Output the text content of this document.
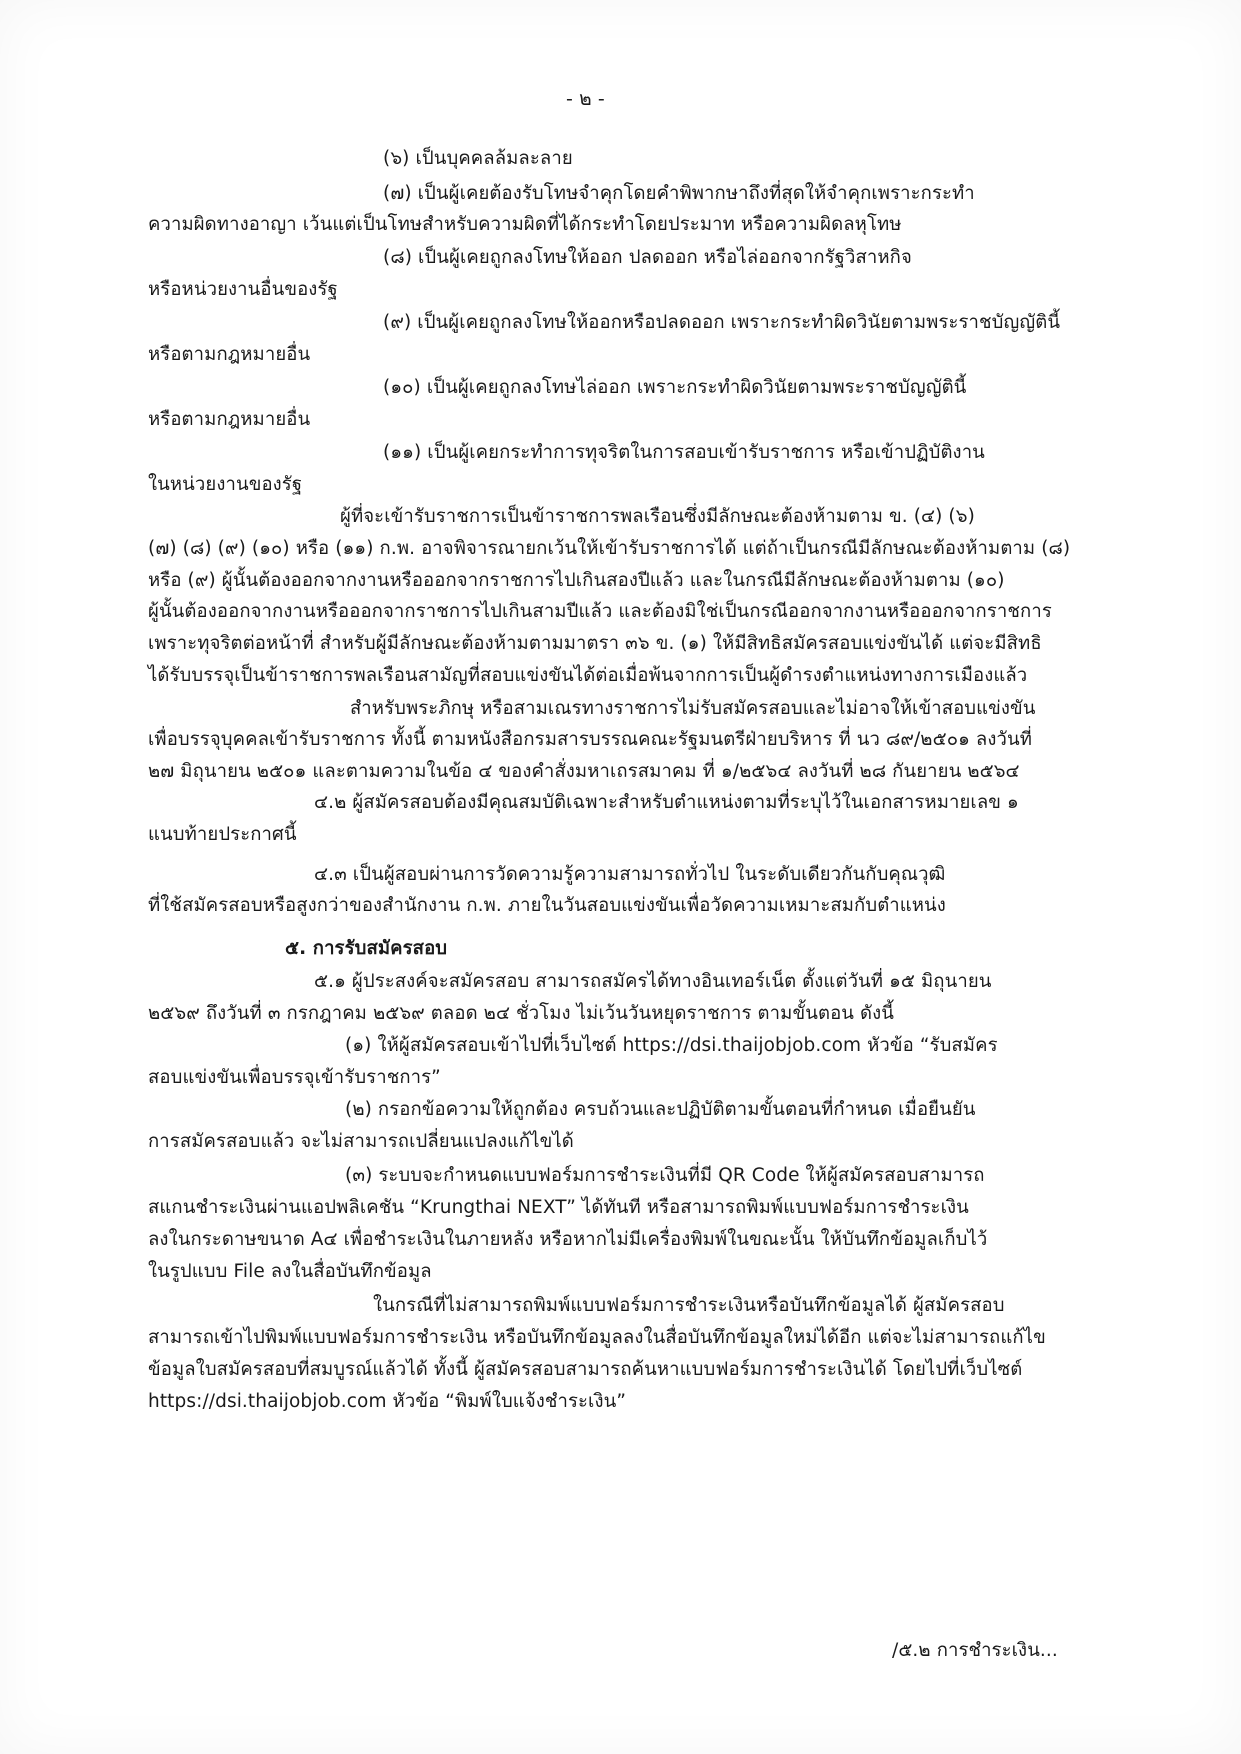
- ๒ -
(๖) เป็นบุคคลล้มละลาย
(๗) เป็นผู้เคยต้องรับโทษจำคุกโดยคำพิพากษาถึงที่สุดให้จำคุกเพราะกระทำ
ความผิดทางอาญา เว้นแต่เป็นโทษสำหรับความผิดที่ได้กระทำโดยประมาท หรือความผิดลหุโทษ
(๘) เป็นผู้เคยถูกลงโทษให้ออก ปลดออก หรือไล่ออกจากรัฐวิสาหกิจ
หรือหน่วยงานอื่นของรัฐ
(๙) เป็นผู้เคยถูกลงโทษให้ออกหรือปลดออก เพราะกระทำผิดวินัยตามพระราชบัญญัตินี้
หรือตามกฎหมายอื่น
(๑๐) เป็นผู้เคยถูกลงโทษไล่ออก เพราะกระทำผิดวินัยตามพระราชบัญญัตินี้
หรือตามกฎหมายอื่น
(๑๑) เป็นผู้เคยกระทำการทุจริตในการสอบเข้ารับราชการ หรือเข้าปฏิบัติงาน
ในหน่วยงานของรัฐ
ผู้ที่จะเข้ารับราชการเป็นข้าราชการพลเรือนซึ่งมีลักษณะต้องห้ามตาม ข. (๔) (๖)
(๗) (๘) (๙) (๑๐) หรือ (๑๑) ก.พ. อาจพิจารณายกเว้นให้เข้ารับราชการได้ แต่ถ้าเป็นกรณีมีลักษณะต้องห้ามตาม (๘)
หรือ (๙) ผู้นั้นต้องออกจากงานหรือออกจากราชการไปเกินสองปีแล้ว และในกรณีมีลักษณะต้องห้ามตาม (๑๐)
ผู้นั้นต้องออกจากงานหรือออกจากราชการไปเกินสามปีแล้ว และต้องมิใช่เป็นกรณีออกจากงานหรือออกจากราชการ
เพราะทุจริตต่อหน้าที่ สำหรับผู้มีลักษณะต้องห้ามตามมาตรา ๓๖ ข. (๑) ให้มีสิทธิสมัครสอบแข่งขันได้ แต่จะมีสิทธิ
ได้รับบรรจุเป็นข้าราชการพลเรือนสามัญที่สอบแข่งขันได้ต่อเมื่อพ้นจากการเป็นผู้ดำรงตำแหน่งทางการเมืองแล้ว
สำหรับพระภิกษุ หรือสามเณรทางราชการไม่รับสมัครสอบและไม่อาจให้เข้าสอบแข่งขัน
เพื่อบรรจุบุคคลเข้ารับราชการ ทั้งนี้ ตามหนังสือกรมสารบรรณคณะรัฐมนตรีฝ่ายบริหาร ที่ นว ๘๙/๒๕๐๑ ลงวันที่
๒๗ มิถุนายน ๒๕๐๑ และตามความในข้อ ๔ ของคำสั่งมหาเถรสมาคม ที่ ๑/๒๕๖๔ ลงวันที่ ๒๘ กันยายน ๒๕๖๔
๔.๒ ผู้สมัครสอบต้องมีคุณสมบัติเฉพาะสำหรับตำแหน่งตามที่ระบุไว้ในเอกสารหมายเลข ๑
แนบท้ายประกาศนี้
๔.๓ เป็นผู้สอบผ่านการวัดความรู้ความสามารถทั่วไป ในระดับเดียวกันกับคุณวุฒิ
ที่ใช้สมัครสอบหรือสูงกว่าของสำนักงาน ก.พ. ภายในวันสอบแข่งขันเพื่อวัดความเหมาะสมกับตำแหน่ง
๕. การรับสมัครสอบ
๕.๑ ผู้ประสงค์จะสมัครสอบ สามารถสมัครได้ทางอินเทอร์เน็ต ตั้งแต่วันที่ ๑๕ มิถุนายน
๒๕๖๙ ถึงวันที่ ๓ กรกฎาคม ๒๕๖๙ ตลอด ๒๔ ชั่วโมง ไม่เว้นวันหยุดราชการ ตามขั้นตอน ดังนี้
(๑) ให้ผู้สมัครสอบเข้าไปที่เว็บไซต์ https://dsi.thaijobjob.com หัวข้อ “รับสมัคร
สอบแข่งขันเพื่อบรรจุเข้ารับราชการ”
(๒) กรอกข้อความให้ถูกต้อง ครบถ้วนและปฏิบัติตามขั้นตอนที่กำหนด เมื่อยืนยัน
การสมัครสอบแล้ว จะไม่สามารถเปลี่ยนแปลงแก้ไขได้
(๓) ระบบจะกำหนดแบบฟอร์มการชำระเงินที่มี QR Code ให้ผู้สมัครสอบสามารถ
สแกนชำระเงินผ่านแอปพลิเคชัน “Krungthai NEXT” ได้ทันที หรือสามารถพิมพ์แบบฟอร์มการชำระเงิน
ลงในกระดาษขนาด A๔ เพื่อชำระเงินในภายหลัง หรือหากไม่มีเครื่องพิมพ์ในขณะนั้น ให้บันทึกข้อมูลเก็บไว้
ในรูปแบบ File ลงในสื่อบันทึกข้อมูล
ในกรณีที่ไม่สามารถพิมพ์แบบฟอร์มการชำระเงินหรือบันทึกข้อมูลได้ ผู้สมัครสอบ
สามารถเข้าไปพิมพ์แบบฟอร์มการชำระเงิน หรือบันทึกข้อมูลลงในสื่อบันทึกข้อมูลใหม่ได้อีก แต่จะไม่สามารถแก้ไข
ข้อมูลใบสมัครสอบที่สมบูรณ์แล้วได้ ทั้งนี้ ผู้สมัครสอบสามารถค้นหาแบบฟอร์มการชำระเงินได้ โดยไปที่เว็บไซต์
https://dsi.thaijobjob.com หัวข้อ “พิมพ์ใบแจ้งชำระเงิน”
/๕.๒ การชำระเงิน...
